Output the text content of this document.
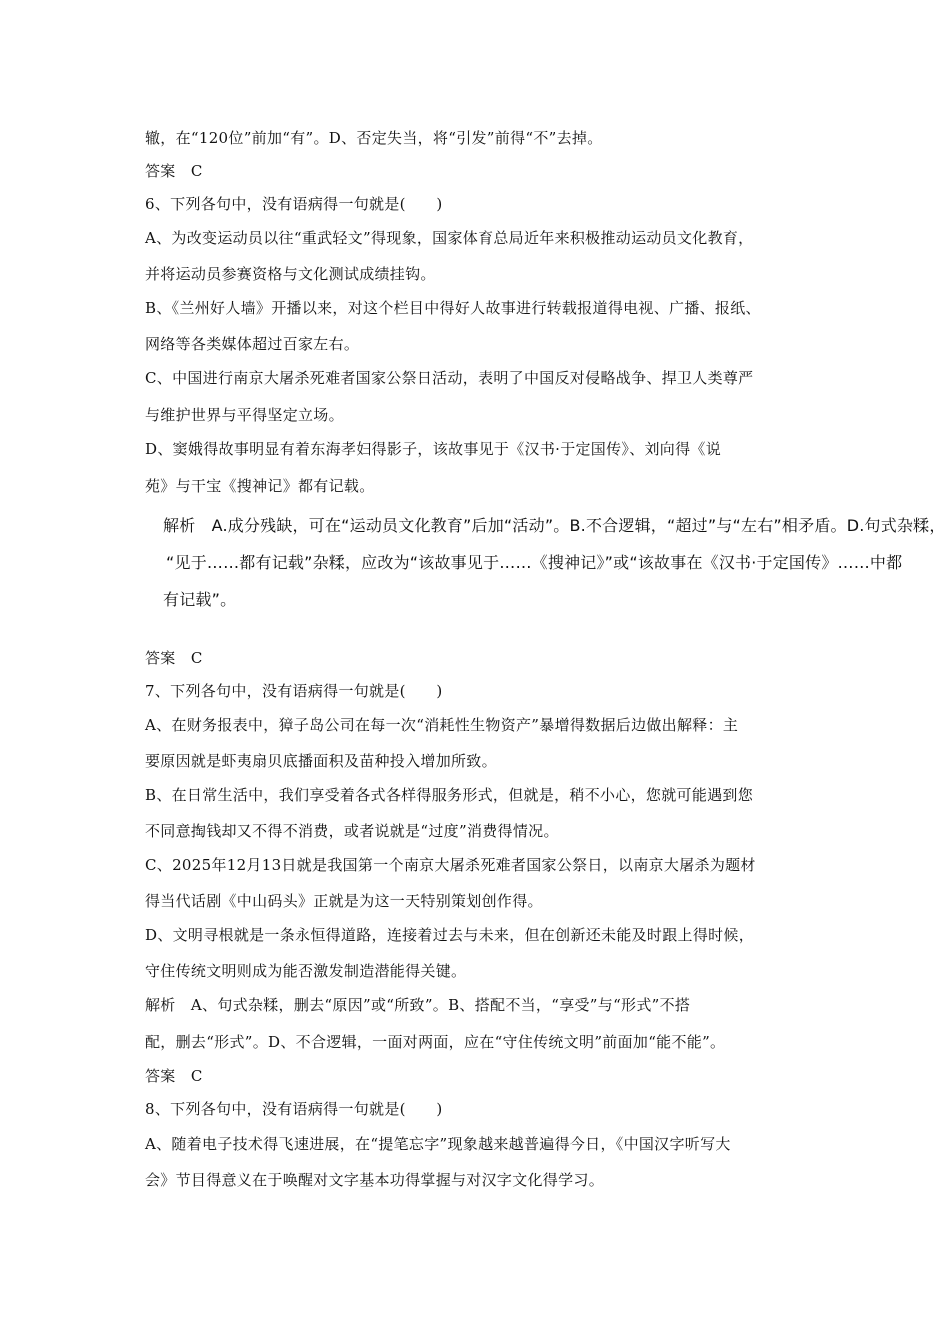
辙，在“120位”前加“有”。D、否定失当，将“引发”前得“不”去掉。
答案　C
6、下列各句中，没有语病得一句就是(　　)
A、为改变运动员以往“重武轻文”得现象，国家体育总局近年来积极推动运动员文化教育，
并将运动员参赛资格与文化测试成绩挂钩。
B、《兰州好人墙》开播以来，对这个栏目中得好人故事进行转载报道得电视、广播、报纸、
网络等各类媒体超过百家左右。
C、中国进行南京大屠杀死难者国家公祭日活动，表明了中国反对侵略战争、捍卫人类尊严
与维护世界与平得坚定立场。
D、窦娥得故事明显有着东海孝妇得影子，该故事见于《汉书·于定国传》、刘向得《说
苑》与干宝《搜神记》都有记载。
解析　A.成分残缺，可在“运动员文化教育”后加“活动”。B.不合逻辑，“超过”与“左右”相矛盾。D.句式杂糅，
“见于……都有记载”杂糅，应改为“该故事见于……《搜神记》”或“该故事在《汉书·于定国传》……中都
有记载”。
答案　C
7、下列各句中，没有语病得一句就是(　　)
A、在财务报表中，獐子岛公司在每一次“消耗性生物资产”暴增得数据后边做出解释：主
要原因就是虾夷扇贝底播面积及苗种投入增加所致。
B、在日常生活中，我们享受着各式各样得服务形式，但就是，稍不小心，您就可能遇到您
不同意掏钱却又不得不消费，或者说就是“过度”消费得情况。
C、2025年12月13日就是我国第一个南京大屠杀死难者国家公祭日，以南京大屠杀为题材
得当代话剧《中山码头》正就是为这一天特别策划创作得。
D、文明寻根就是一条永恒得道路，连接着过去与未来，但在创新还未能及时跟上得时候，
守住传统文明则成为能否激发制造潜能得关键。
解析　A、句式杂糅，删去“原因”或“所致”。B、搭配不当，“享受”与“形式”不搭
配，删去“形式”。D、不合逻辑，一面对两面，应在“守住传统文明”前面加“能不能”。
答案　C
8、下列各句中，没有语病得一句就是(　　)
A、随着电子技术得飞速进展，在“提笔忘字”现象越来越普遍得今日，《中国汉字听写大
会》节目得意义在于唤醒对文字基本功得掌握与对汉字文化得学习。
